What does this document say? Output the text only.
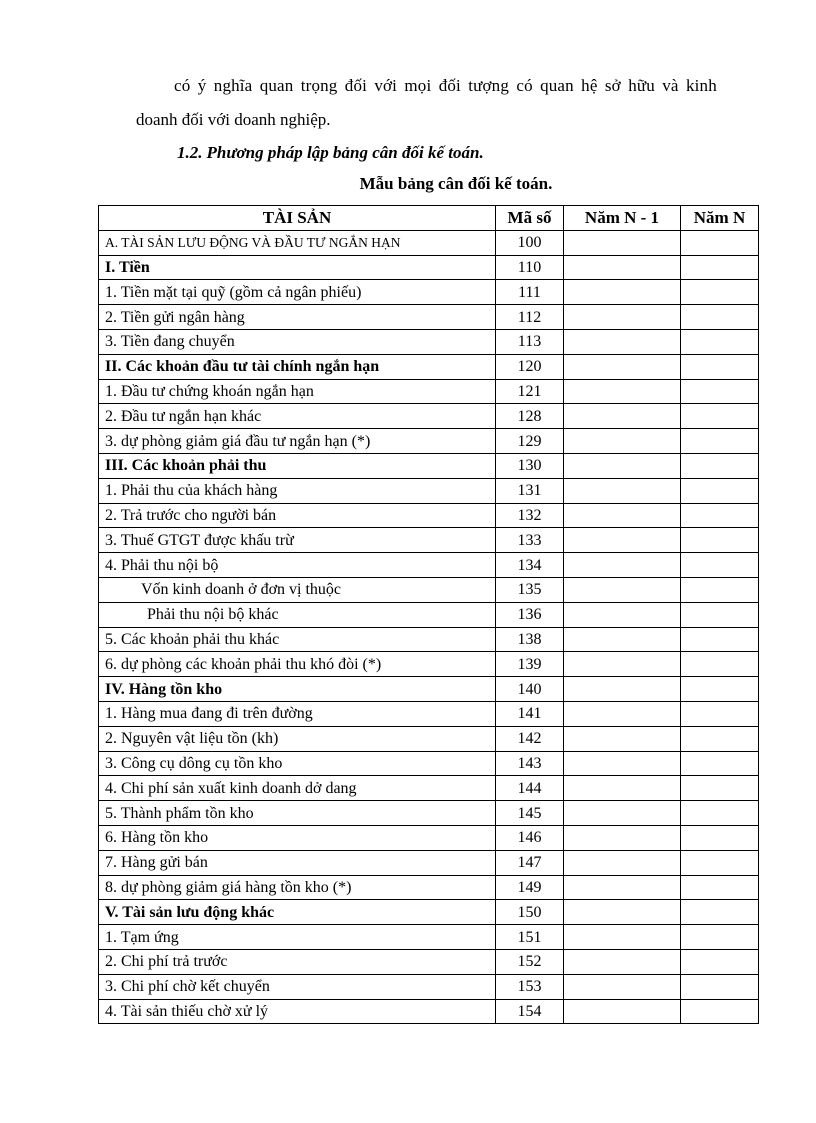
có ý nghĩa quan trọng đối với mọi đối tượng có quan hệ sở hữu và kinh
doanh đối với doanh nghiệp.
1.2. Phương pháp lập bảng cân đối kế toán.
Mẫu bảng cân đối kế toán.
TÀI SẢN	Mã số	Năm N - 1	Năm N
A. TÀI SẢN LƯU ĐỘNG VÀ ĐẦU TƯ NGẮN HẠN	100		
I. Tiền	110		
1. Tiền mặt tại quỹ (gồm cả ngân phiếu)	111		
2. Tiền gửi ngân hàng	112		
3. Tiền đang chuyển	113		
II. Các khoản đầu tư tài chính ngắn hạn	120		
1. Đầu tư chứng khoán ngắn hạn	121		
2. Đầu tư ngắn hạn khác	128		
3. dự phòng giảm giá đầu tư ngắn hạn (*)	129		
III. Các khoản phải thu	130		
1. Phải thu của khách hàng	131		
2. Trả trước cho người bán	132		
3. Thuế GTGT được khấu trừ	133		
4. Phải thu nội bộ	134		
Vốn kinh doanh ở đơn vị thuộc	135		
Phải thu nội bộ khác	136		
5. Các khoản phải thu khác	138		
6. dự phòng các khoản phải thu khó đòi (*)	139		
IV. Hàng tồn kho	140		
1. Hàng mua đang đi trên đường	141		
2. Nguyên vật liệu tồn (kh)	142		
3. Công cụ dông cụ tồn kho	143		
4. Chi phí sản xuất kinh doanh dở dang	144		
5. Thành phẩm tồn kho	145		
6. Hàng tồn kho	146		
7. Hàng gửi bán	147		
8. dự phòng giảm giá hàng tồn kho (*)	149		
V. Tài sản lưu động khác	150		
1. Tạm ứng	151		
2. Chi phí trả trước	152		
3. Chi phí chờ kết chuyển	153		
4. Tài sản thiếu chờ xử lý	154		
